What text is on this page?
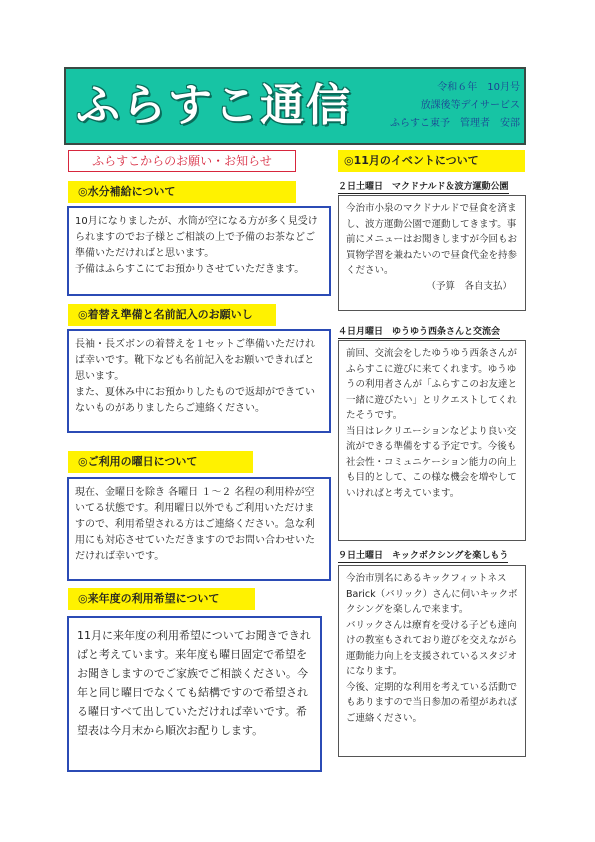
ふらすこ通信	令和６年　10月号
放課後等デイサービス
ふらすこ東予　管理者　安部
ふらすこからのお願い・お知らせ
◎水分補給について

10月になりましたが、水筒が空になる方が多く見受けられますのでお子様とご相談の上で予備のお茶などご準備いただければと思います。

予備はふらすこにてお預かりさせていただきます。

◎着替え準備と名前記入のお願いし

長袖・長ズボンの着替えを１セットご準備いただければ幸いです。靴下なども名前記入をお願いできればと思います。

また、夏休み中にお預かりしたもので返却ができていないものがありましたらご連絡ください。

◎ご利用の曜日について

現在、金曜日を除き 各曜日 １～２ 名程の利用枠が空いてる状態です。利用曜日以外でもご利用いただけますので、利用希望される方はご連絡ください。急な利用にも対応させていただきますのでお問い合わせいただければ幸いです。

◎来年度の利用希望について

11月に来年度の利用希望についてお聞きできればと考えています。来年度も曜日固定で希望をお聞きしますのでご家族でご相談ください。今年と同じ曜日でなくても結構ですので希望される曜日すべて出していただければ幸いです。希望表は今月末から順次お配りします。

◎11月のイベントについて
２日土曜日　マクドナルド＆波方運動公園

今治市小泉のマクドナルドで昼食を済まし、波方運動公園で運動してきます。事前にメニューはお聞きしますが今回もお買物学習を兼ねたいので昼食代金を持参ください。

（予算　各自支払）

４日月曜日　ゆうゆう西条さんと交流会

前回、交流会をしたゆうゆう西条さんがふらすこに遊びに来てくれます。ゆうゆうの利用者さんが「ふらすこのお友達と一緒に遊びたい」とリクエストしてくれたそうです。

当日はレクリエーションなどより良い交流ができる準備をする予定です。今後も社会性・コミュニケーション能力の向上も目的として、この様な機会を増やしていければと考えています。

９日土曜日　キックボクシングを楽しもう

今治市別名にあるキックフィットネスBarick（バリック）さんに伺いキックボクシングを楽しんで来ます。

バリックさんは療育を受ける子ども達向けの教室もされており遊びを交えながら運動能力向上を支援されているスタジオになります。

今後、定期的な利用を考えている活動でもありますので当日参加の希望があればご連絡ください。
